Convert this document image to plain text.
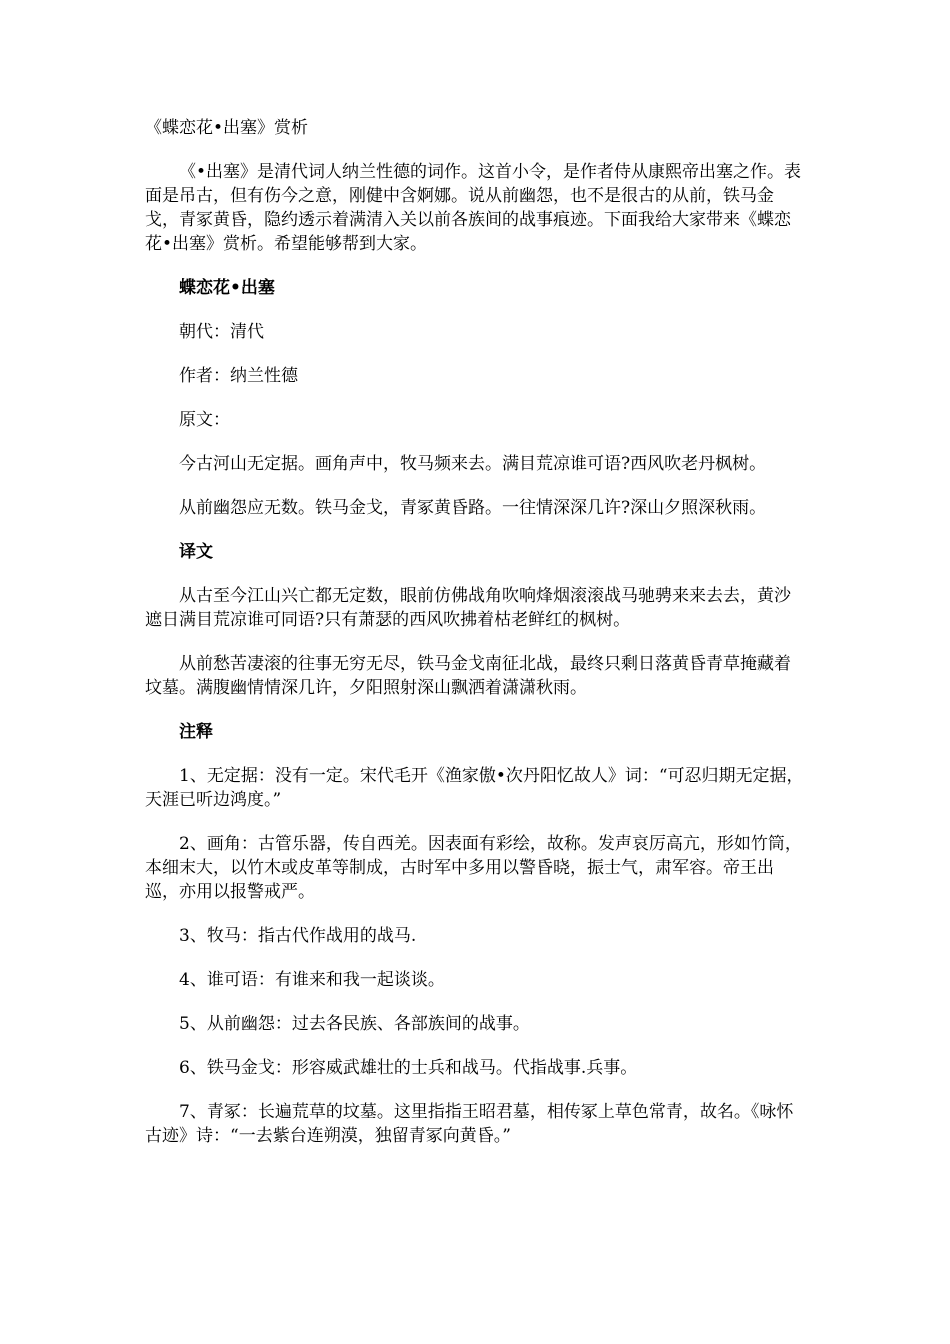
《蝶恋花•出塞》赏析

《•出塞》是清代词人纳兰性德的词作。这首小令，是作者侍从康熙帝出塞之作。表面是吊古，但有伤今之意，刚健中含婀娜。说从前幽怨，也不是很古的从前，铁马金戈，青冢黄昏，隐约透示着满清入关以前各族间的战事痕迹。下面我给大家带来《蝶恋花•出塞》赏析。希望能够帮到大家。

蝶恋花•出塞

朝代：清代

作者：纳兰性德

原文：

今古河山无定据。画角声中，牧马频来去。满目荒凉谁可语?西风吹老丹枫树。

从前幽怨应无数。铁马金戈，青冢黄昏路。一往情深深几许?深山夕照深秋雨。

译文

从古至今江山兴亡都无定数，眼前仿佛战角吹响烽烟滚滚战马驰骋来来去去，黄沙遮日满目荒凉谁可同语?只有萧瑟的西风吹拂着枯老鲜红的枫树。

从前愁苦凄滚的往事无穷无尽，铁马金戈南征北战，最终只剩日落黄昏青草掩藏着坟墓。满腹幽情情深几许，夕阳照射深山飘洒着潇潇秋雨。

注释

1、无定据：没有一定。宋代毛开《渔家傲•次丹阳忆故人》词：“可忍归期无定据，天涯已听边鸿度。”

2、画角：古管乐器，传自西羌。因表面有彩绘，故称。发声哀厉高亢，形如竹筒，本细末大，以竹木或皮革等制成，古时军中多用以警昏晓，振士气，肃军容。帝王出巡，亦用以报警戒严。

3、牧马：指古代作战用的战马.

4、谁可语：有谁来和我一起谈谈。

5、从前幽怨：过去各民族、各部族间的战事。

6、铁马金戈：形容威武雄壮的士兵和战马。代指战事.兵事。

7、青冢：长遍荒草的坟墓。这里指指王昭君墓，相传冢上草色常青，故名。《咏怀古迹》诗：“一去紫台连朔漠，独留青冢向黄昏。”
